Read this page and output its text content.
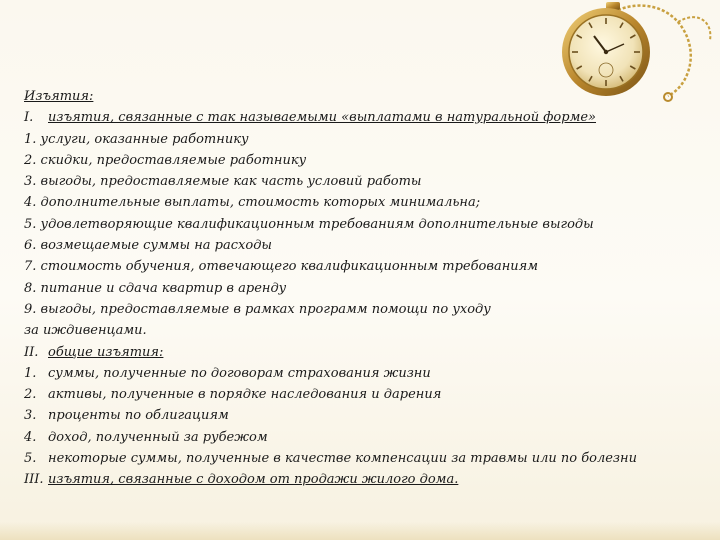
Изъятия:
I. изъятия, связанные с так называемыми «выплатами в натуральной форме»
1. услуги, оказанные работнику
2. скидки, предоставляемые работнику
3. выгоды, предоставляемые как часть условий работы
4. дополнительные выплаты, стоимость которых минимальна;
5. удовлетворяющие квалификационным требованиям дополнительные выгоды
6. возмещаемые суммы на расходы
7. стоимость обучения, отвечающего квалификационным требованиям
8. питание и сдача квартир в аренду
9. выгоды, предоставляемые в рамках программ помощи по уходу за иждивенцами.
II. общие изъятия:
1. суммы, полученные по договорам страхования жизни
2. активы, полученные в порядке наследования и дарения
3. проценты по облигациям
4. доход, полученный за рубежом
5. некоторые суммы, полученные в качестве компенсации за травмы или по болезни
III. изъятия, связанные с доходом от продажи жилого дома.
